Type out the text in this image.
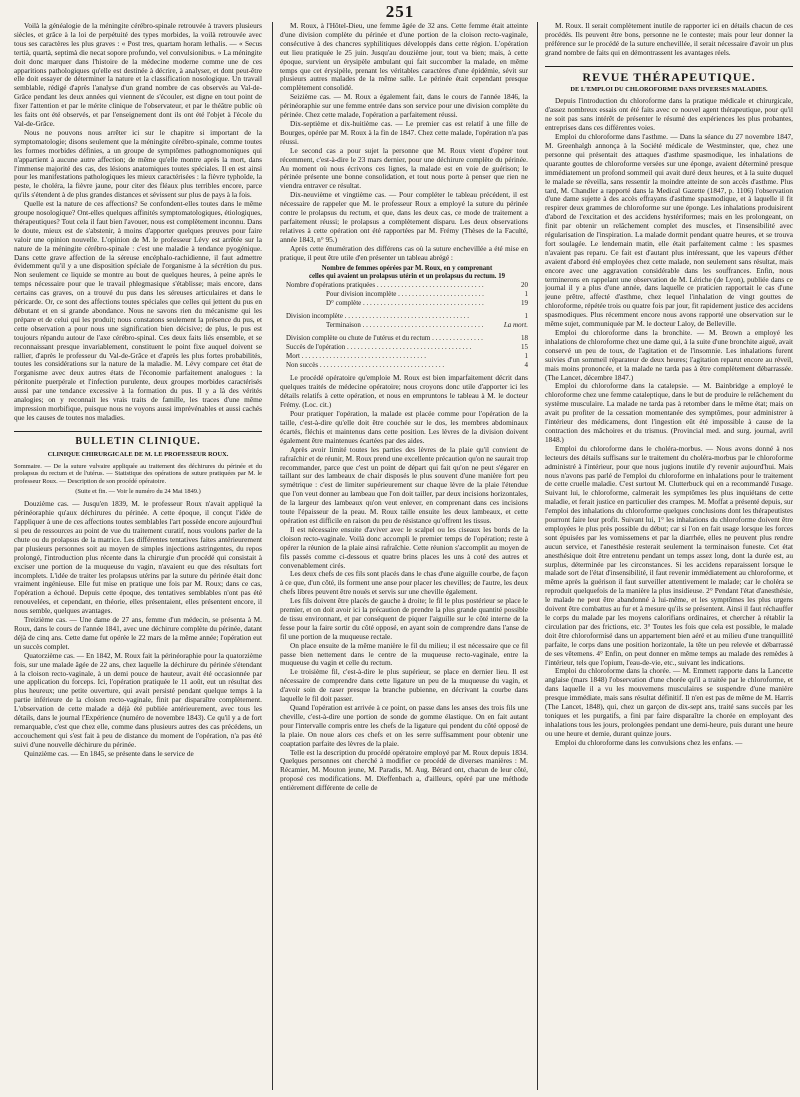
251

Voilà la généalogie de la méningite cérébro-spinale retrouvée à travers plusieurs siècles, et grâce à la loi de perpétuité des types morbides, la voilà retrouvée avec tous ses caractères les plus graves : « Post tres, quartam horam lethalis. — « Secus tertià, quartà, septimà die necat sopore profundo, vel convulsionibus. » La méningite doit donc marquer dans l'histoire de la médecine moderne comme une de ces apparitions pathologiques qu'elle est destinée à décrire, à analyser, et dont peut-être elle doit essayer de déterminer la nature et la classification nosologique. Un travail semblable, rédigé d'après l'analyse d'un grand nombre de cas observés au Val-de-Grâce pendant les deux années qui viennent de s'écouler, est digne en tout point de fixer l'attention et par le mérite clinique de l'observateur, et par le théâtre public où les faits ont été observés, et par l'enseignement dont ils ont été l'objet à l'école du Val-de-Grâce.

Nous ne pouvons nous arrêter ici sur le chapitre si important de la symptomatologie; disons seulement que la méningite cérébro-spinale, comme toutes les formes morbides définies, a un groupe de symptômes pathognomoniques qui n'appartient à aucune autre affection; de même qu'elle montre après la mort, dans l'immense majorité des cas, des lésions anatomiques toutes spéciales. Il en est ainsi pour les manifestations pathologiques les mieux caractérisées : la fièvre typhoïde, la peste, le choléra, la fièvre jaune, pour citer des fléaux plus terribles encore, parce qu'ils s'étendent à de plus grandes distances et sévissent sur plus de pays à la fois.

Quelle est la nature de ces affections? Se confondent-elles toutes dans le même groupe nosologique? Ont-elles quelques affinités symptomatologiques, étiologiques, thérapeutiques? Tout cela il faut bien l'avouer, nous est complètement inconnu. Dans le doute, mieux est de s'abstenir, à moins d'apporter quelques preuves pour faire valoir une opinion nouvelle. L'opinion de M. le professeur Lévy est arrêtée sur la nature de la méningite cérébro-spinale : c'est une maladie à tendance pyogénique. Dans cette grave affection de la séreuse encéphalo-rachidienne, il faut admettre évidemment qu'il y a une disposition spéciale de l'organisme à la sécrétion du pus. Non seulement ce liquide se montre au bout de quelques heures, à peine après le temps nécessaire pour que le travail phlegmasique s'établisse; mais encore, dans certains cas graves, on a trouvé du pus dans les séreuses articulaires et dans le péricarde. Or, ce sont des affections toutes spéciales que celles qui jettent du pus en débutant et en si grande abondance. Nous ne savons rien du mécanisme qui les prépare et de celui qui les produit; nous constatons seulement la présence du pus, et cette observation a pour nous une signification bien décisive; de plus, le pus est toujours répandu autour de l'axe cérébro-spinal. Ces deux faits liés ensemble, et se reconnaissant presque invariablement, constituent le point fixe auquel doivent se rallier, d'après le professeur du Val-de-Grâce et d'après les plus fortes probabilités, toutes les considérations sur la nature de la maladie. M. Lévy compare cet état de l'organisme avec deux autres états de l'économie parfaitement analogues : la péritonite puerpérale et l'infection purulente, deux groupes morbides caractérisés aussi par une tendance excessive à la formation du pus. Il y a là des vérités analogies; on y reconnait les vrais traits de famille, les traces d'une même impression morbifique, puisque nous ne voyons aussi imprévénables et aussi cachés que les causes de toutes nos maladies.

BULLETIN CLINIQUE.
CLINIQUE CHIRURGICALE DE M. LE PROFESSEUR ROUX.
Sommaire. — De la suture vulvaire appliquée au traitement des déchirures du périnée et du prolapsus du rectum et de l'utérus. — Statistique des opérations de suture pratiquées par M. le professeur Roux. — Description de son procédé opératoire.
(Suite et fin. — Voir le numéro du 24 Mai 1849.)

Douzième cas. — Jusqu'en 1839, M. le professeur Roux n'avait appliqué la périnéoraphie qu'aux déchirures du périnée. A cette époque, il conçut l'idée de l'appliquer à une de ces affections toutes semblables l'art possède encore aujourd'hui si peu de ressources au point de vue du traitement curatif, nous voulons parler de la chute ou du prolapsus de la matrice. Les différentes tentatives faites antérieurement par plusieurs personnes soit au moyen de simples injections astringentes, du repos prolongé, l'introduction plus récente dans la chirurgie d'un procédé qui consistait à exciser une portion de la muqueuse du vagin, n'avaient eu que des résultats fort incomplets. L'idée de traiter les prolapsus utérins par la suture du périnée était donc vraiment ingénieuse. Elle fut mise en pratique une fois par M. Roux; dans ce cas, l'opération a échoué. Depuis cette époque, des tentatives semblables n'ont pas été renouvelées, et cependant, en théorie, elles présentaient, elles présentent encore, il nous semble, quelques avantages.

Treizième cas. — Une dame de 27 ans, femme d'un médecin, se présenta à M. Roux, dans le cours de l'année 1841, avec une déchirure complète du périnée, datant déjà de cinq ans. Cette dame fut opérée le 22 mars de la même année; l'opération eut un succès complet.

Quatorzième cas. — En 1842, M. Roux fait la périnéoraphie pour la quatorzième fois, sur une malade âgée de 22 ans, chez laquelle la déchirure du périnée s'étendant à la cloison recto-vaginale, à un demi pouce de hauteur, avait été occasionnée par une application du forceps. Ici, l'opération pratiquée le 11 août, eut un résultat des plus heureux; une petite ouverture, qui avait persisté pendant quelque temps à la partie inférieure de la cloison recto-vaginale, finit par disparaître complètement. L'observation de cette malade a déjà été publiée antérieurement, avec tous les détails, dans le journal l'Expérience (numéro de novembre 1843). Ce qu'il y a de fort remarquable, c'est que chez elle, comme dans plusieurs autres des cas précédens, un accouchement qui s'est fait à peu de distance du moment de l'opération, n'a pas été suivi d'une nouvelle déchirure du périnée.

Quinzième cas. — En 1845, se présente dans le service de

M. Roux, à l'Hôtel-Dieu, une femme âgée de 32 ans. Cette femme était atteinte d'une division complète du périnée et d'une portion de la cloison recto-vaginale, consécutive à des chancres syphilitiques développés dans cette région. L'opération eut lieu pratiquée le 25 juin. Jusqu'au douzième jour, tout va bien; mais, à cette époque, survient un érysipèle ambulant qui fait succomber la malade, en même temps que cet érysipèle, prenant les véritables caractères d'une épidémie, sévit sur plusieurs autres malades de la même salle. Le périnée était cependant presque complètement consolidé.

Seizième cas. — M. Roux a également fait, dans le cours de l'année 1846, la périnéoraphie sur une femme entrée dans son service pour une division complète du périnée. Chez cette malade, l'opération a parfaitement réussi.

Dix-septième et dix-huitième cas. — Le premier cas est relatif à une fille de Bourges, opérée par M. Roux à la fin de 1847. Chez cette malade, l'opération n'a pas réussi.

Le second cas a pour sujet la personne que M. Roux vient d'opérer tout récemment, c'est-à-dire le 23 mars dernier, pour une déchirure complète du périnée. Au moment où nous écrivons ces lignes, la malade est en voie de guérison; le périnée présente une bonne consolidation, et tout nous porte à penser que rien ne viendra entraver ce résultat.

Dix-neuvième et vingtième cas. — Pour compléter le tableau précédent, il est nécessaire de rappeler que M. le professeur Roux a employé la suture du périnée contre le prolapsus du rectum, et que, dans les deux cas, ce mode de traitement a parfaitement réussi; le prolapsus a complètement disparu. Les deux observations relatives à cette opération ont été rapportées par M. Frémy (Thèses de la Faculté, année 1843, n° 95.)

Après cette énumération des différens cas où la suture enchevillée a été mise en pratique, il peut être utile d'en présenter un tableau abrégé :

Nombre de femmes opérées par M. Roux, en y comprenant
celles qui avaient un prolapsus utérin et un prolapsus du rectum. 19
Nombre d'opérations pratiquées . . .	20
Pour division incomplète . . .	1
D° complète . . .	19
Division incomplète . . .	1
Terminaison . . .	La mort.
Division complète ou chute de l'utérus et du rectum . . .	18
Succès de l'opération . . .	15
Mort . . .	1
Non succès . . .	4

Le procédé opératoire qu'emploie M. Roux est bien imparfaitement décrit dans quelques traités de médecine opératoire; nous croyons donc utile d'apporter ici les détails relatifs à cette opération, et nous en empruntons le tableau à M. le docteur Frémy. (Loc. cit.)

Pour pratiquer l'opération, la malade est placée comme pour l'opération de la taille, c'est-à-dire qu'elle doit être couchée sur le dos, les membres abdominaux écartés, fléchis et maintenus dans cette position. Les lèvres de la division doivent également être maintenues écartées par des aides.

Après avoir limité toutes les parties des lèvres de la plaie qu'il convient de rafraîchir et de réunir, M. Roux prend une excellente précaution qu'on ne saurait trop recommander, parce que c'est un point de départ qui fait qu'on ne peut s'égarer en taillant sur des lambeaux de chair disposés le plus souvent d'une manière fort peu symétrique : c'est de limiter supérieurement sur chaque lèvre de la plaie l'étendue que l'on veut donner au lambeau que l'on doit tailler, par deux incisions horizontales, de la largeur des lambeaux qu'on veut enlever, en comprenant dans ces incisions toute l'épaisseur de la peau. M. Roux taille ensuite les deux lambeaux, et cette opération est difficile en raison du peu de résistance qu'offrent les tissus.

Il est nécessaire ensuite d'aviver avec le scalpel ou les ciseaux les bords de la cloison recto-vaginale. Voilà donc accompli le premier temps de l'opération; reste à opérer la réunion de la plaie ainsi rafraîchie. Cette réunion s'accomplit au moyen de fils passés comme ci-dessous et quatre brins places les uns à coté des autres et convenablement cirés.

Les deux chefs de ces fils sont placés dans le chas d'une aiguille courbe, de façon à ce que, d'un côté, ils forment une anse pour placer les chevilles; de l'autre, les deux chefs libres peuvent être noués et servis sur une cheville également.

Les fils doivent être placés de gauche à droite; le fil le plus postérieur se place le premier, et on doit avoir ici la précaution de prendre la plus grande quantité possible de tissu environnant, et par conséquent de piquer l'aiguille sur le côté interne de la fesse pour la faire sortir du côté opposé, en ayant soin de comprendre dans l'anse de fil une portion de la muqueuse rectale.

On place ensuite de la même manière le fil du milieu; il est nécessaire que ce fil passe bien nettement dans le centre de la muqueuse recto-vaginale, entre la muqueuse du vagin et celle du rectum.

Le troisième fil, c'est-à-dire le plus supérieur, se place en dernier lieu. Il est nécessaire de comprendre dans cette ligature un peu de la muqueuse du vagin, et d'avoir soin de raser presque la branche pubienne, en décrivant la courbe dans laquelle le fil doit passer.

Quand l'opération est arrivée à ce point, on passe dans les anses des trois fils une cheville, c'est-à-dire une portion de sonde de gomme élastique. On en fait autant pour l'intervalle compris entre les chefs de la ligature qui pendent du côté opposé de la plaie. On noue alors ces chefs et on les serre suffisamment pour obtenir une coaptation parfaite des lèvres de la plaie.

Telle est la description du procédé opératoire employé par M. Roux depuis 1834. Quelques personnes ont cherché à modifier ce procédé de diverses manières : M. Récamier, M. Mouton jeune, M. Paradis, M. Aug. Bérard ont, chacun de leur côté, proposé ces modifications. M. Dieffenbach a, d'ailleurs, opéré par une méthode entièrement différente de celle de

M. Roux. Il serait complètement inutile de rapporter ici en détails chacun de ces procédés. Ils peuvent être bons, personne ne le conteste; mais pour leur donner la préférence sur le procédé de la suture enchevillée, il serait nécessaire d'avoir un plus grand nombre de faits qui en démontrassent les avantages réels.

REVUE THÉRAPEUTIQUE.
DE L'EMPLOI DU CHLOROFORME DANS DIVERSES MALADIES.

Depuis l'introduction du chloroforme dans la pratique médicale et chirurgicale, d'assez nombreux essais ont été faits avec ce nouvel agent thérapeutique, pour qu'il ne soit pas sans intérêt de présenter le résumé des expériences les plus probantes, entreprises dans ces différentes voies.

Emploi du chloroforme dans l'asthme. — Dans la séance du 27 novembre 1847, M. Greenhalgh annonça à la Société médicale de Westminster, que, chez une personne qui présentait des attaques d'asthme spasmodique, les inhalations de quarante gouttes de chloroforme versées sur une éponge, avaient déterminé presque immédiatement un profond sommeil qui avait duré deux heures, et à la suite duquel le malade se réveilla, sans ressentir la moindre atteinte de son accès d'asthme. Plus tard, M. Chandler a rapporté dans la Medical Gazette (1847, p. 1106) l'observation d'une dame sujette à des accès effrayans d'asthme spasmodique, et à laquelle il fit respirer deux grammes de chloroforme sur une éponge. Les inhalations produisirent d'abord de l'excitation et des accidens hystériformes; mais en les prolongeant, on finit par obtenir un relâchement complet des muscles, et l'insensibilité avec régularisation de l'inspiration. La malade dormit pendant quatre heures, et se trouva fort soulagée. Le lendemain matin, elle était parfaitement calme : les spasmes n'avaient pas reparu. Ce fait est d'autant plus intéressant, que les vapeurs d'éther avaient d'abord été employées chez cette malade, non seulement sans résultat, mais encore avec une aggravation considérable dans les souffrances. Enfin, nous terminerons en rappelant une observation de M. Lériche (de Lyon), publiée dans ce journal il y a plus d'une année, dans laquelle ce praticien rapportait le cas d'une jeune prêtre, affecté d'asthme, chez lequel l'inhalation de vingt gouttes de chloroforme, répétée trois ou quatre fois par jour, fit rapidement justice des accidens spasmodiques. Plus récemment encore nous avons rapporté une observation sur le même sujet, communiquée par M. le docteur Laloy, de Belleville.

Emploi du chloroforme dans la bronchite. — M. Brown a employé les inhalations de chloroforme chez une dame qui, à la suite d'une bronchite aiguë, avait conservé un peu de toux, de l'agitation et de l'insomnie. Les inhalations furent suivies d'un sommeil réparateur de deux heures; l'agitation reparut encore au réveil, mais moins prononcée, et la malade ne tarda pas à être complètement débarrassée. (The Lancet, décembre 1847.)

Emploi du chloroforme dans la catalepsie. — M. Bainbridge a employé le chloroforme chez une femme cataleptique, dans le but de produire le relâchement du système musculaire. La malade ne tarda pas à retomber dans le même état; mais on avait pu profiter de la cessation momentanée des symptômes, pour administrer à l'intérieur des médicamens, dont l'ingestion eût été impossible à cause de la contraction des mâchoires et du trismus. (Provincial med. and surg. journal, avril 1848.)

Emploi du chloroforme dans le choléra-morbus. — Nous avons donné à nos lecteurs des détails suffisans sur le traitement du choléra-morbus par le chloroforme administré à l'intérieur, pour que nous jugions inutile d'y revenir aujourd'hui. Mais nous n'avons pas parlé de l'emploi du chloroforme en inhalations pour le traitement de cette cruelle maladie. C'est surtout M. Clutterbuck qui en a recommandé l'usage. Suivant lui, le chloroforme, calmerait les symptômes les plus inquiétans de cette maladie, et ferait justice en particulier des crampes. M. Moffat a présenté depuis, sur l'emploi des inhalations du chloroforme quelques conclusions dont les thérapeutistes pourront faire leur profit. Suivant lui, 1° les inhalations du chloroforme doivent être employées le plus près possible du début; car si l'on en fait usage lorsque les forces sont épuisées par les vomissemens et par la diarrhée, elles ne peuvent plus rendre aucun service, et l'anesthésie resterait seulement la terminaison funeste. Cet état anesthésique doit être entretenu pendant un temps assez long, dont la durée est, au surplus, déterminée par les circonstances. Si les accidens reparaissent lorsque le malade sort de l'état d'insensibilité, il faut revenir immédiatement au chloroforme, et même après la guérison il faut surveiller attentivement le malade; car le choléra se reproduit quelquefois de la manière la plus insidieuse. 2° Pendant l'état d'anesthésie, le malade ne peut être abandonné à lui-même, et les symptômes les plus urgens doivent être combattus au fur et à mesure qu'ils se présentent. Ainsi il faut réchauffer le corps du malade par les moyens calorifians ordinaires, et chercher à rétablir la circulation par des frictions, etc. 3° Toutes les fois que cela est possible, le malade doit être chloroformisé dans un appartement bien aéré et au milieu d'une tranquillité parfaite, le corps dans une position horizontale, la tête un peu relevée et débarrassé de ses vêtemens. 4° Enfin, on peut donner en même temps au malade des remèdes à l'intérieur, tels que l'opium, l'eau-de-vie, etc., suivant les indications.

Emploi du chloroforme dans la chorée. — M. Emmett rapporte dans la Lancette anglaise (mars 1848) l'observation d'une chorée qu'il a traitée par le chloroforme, et dans laquelle il a vu les mouvemens musculaires se suspendre d'une manière presque immédiate, mais sans résultat définitif. Il n'en est pas de même de M. Harris (The Lancet, 1848), qui, chez un garçon de dix-sept ans, traité sans succès par les toniques et les purgatifs, a fini par faire disparaître la chorée en employant des inhalations tous les jours, prolongées pendant une demi-heure, puis durant une heure ou une heure et demie, durant quinze jours.

Emploi du chloroforme dans les convulsions chez les enfans. —
